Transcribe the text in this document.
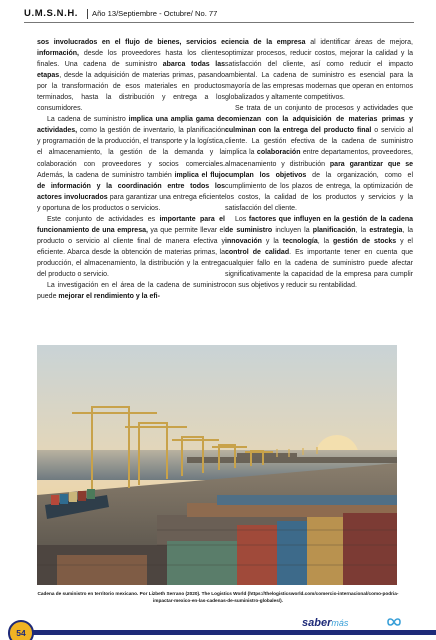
U.M.S.N.H. Año 13/Septiembre - Octubre/ No. 77

sos involucrados en el flujo de bienes, servicios e información, desde los proveedores hasta los clientes finales. Una cadena de suministro abarca todas las etapas, desde la adquisición de materias primas, pasando por la transformación de esos materiales en productos terminados, hasta la distribución y entrega a los consumidores.

La cadena de suministro implica una amplia gama de actividades, como la gestión de inventario, la planificación y programación de la producción, el transporte y la logística, el almacenamiento, la gestión de la demanda y la colaboración con proveedores y socios comerciales. Además, la cadena de suministro también implica el flujo de información y la coordinación entre todos los actores involucrados para garantizar una entrega eficiente y oportuna de los productos o servicios.

Este conjunto de actividades es importante para el funcionamiento de una empresa, ya que permite llevar el producto o servicio al cliente final de manera efectiva y eficiente. Abarca desde la obtención de materias primas, la producción, el almacenamiento, la distribución y la entrega del producto o servicio.

La investigación en el área de la cadena de suministro puede mejorar el rendimiento y la efi-

ciencia de la empresa al identificar áreas de mejora, optimizar procesos, reducir costos, mejorar la calidad y la satisfacción del cliente, así como reducir el impacto ambiental. La cadena de suministro es esencial para la mayoría de las empresas modernas que operan en entornos globalizados y altamente competitivos.

Se trata de un conjunto de procesos y actividades que comienzan con la adquisición de materias primas y culminan con la entrega del producto final o servicio al cliente. La gestión efectiva de la cadena de suministro implica la colaboración entre departamentos, proveedores, almacenamiento y distribución para garantizar que se cumplan los objetivos de la organización, como el cumplimiento de los plazos de entrega, la optimización de los costos, la calidad de los productos y servicios y la satisfacción del cliente.

Los factores que influyen en la gestión de la cadena de suministro incluyen la planificación, la estrategia, la innovación y la tecnología, la gestión de stocks y el control de calidad. Es importante tener en cuenta que cualquier fallo en la cadena de suministro puede afectar significativamente la capacidad de la empresa para cumplir con sus objetivos y reducir su rentabilidad.

Cadena de suministro en territorio mexicano. Por Lizbeth Serrano (2020). The Logistics World (https://thelogisticsworld.com/comercio-internacional/como-podria-impactar-mexico-en-las-cadenas-de-suministro-globales/).
54
sabermás
